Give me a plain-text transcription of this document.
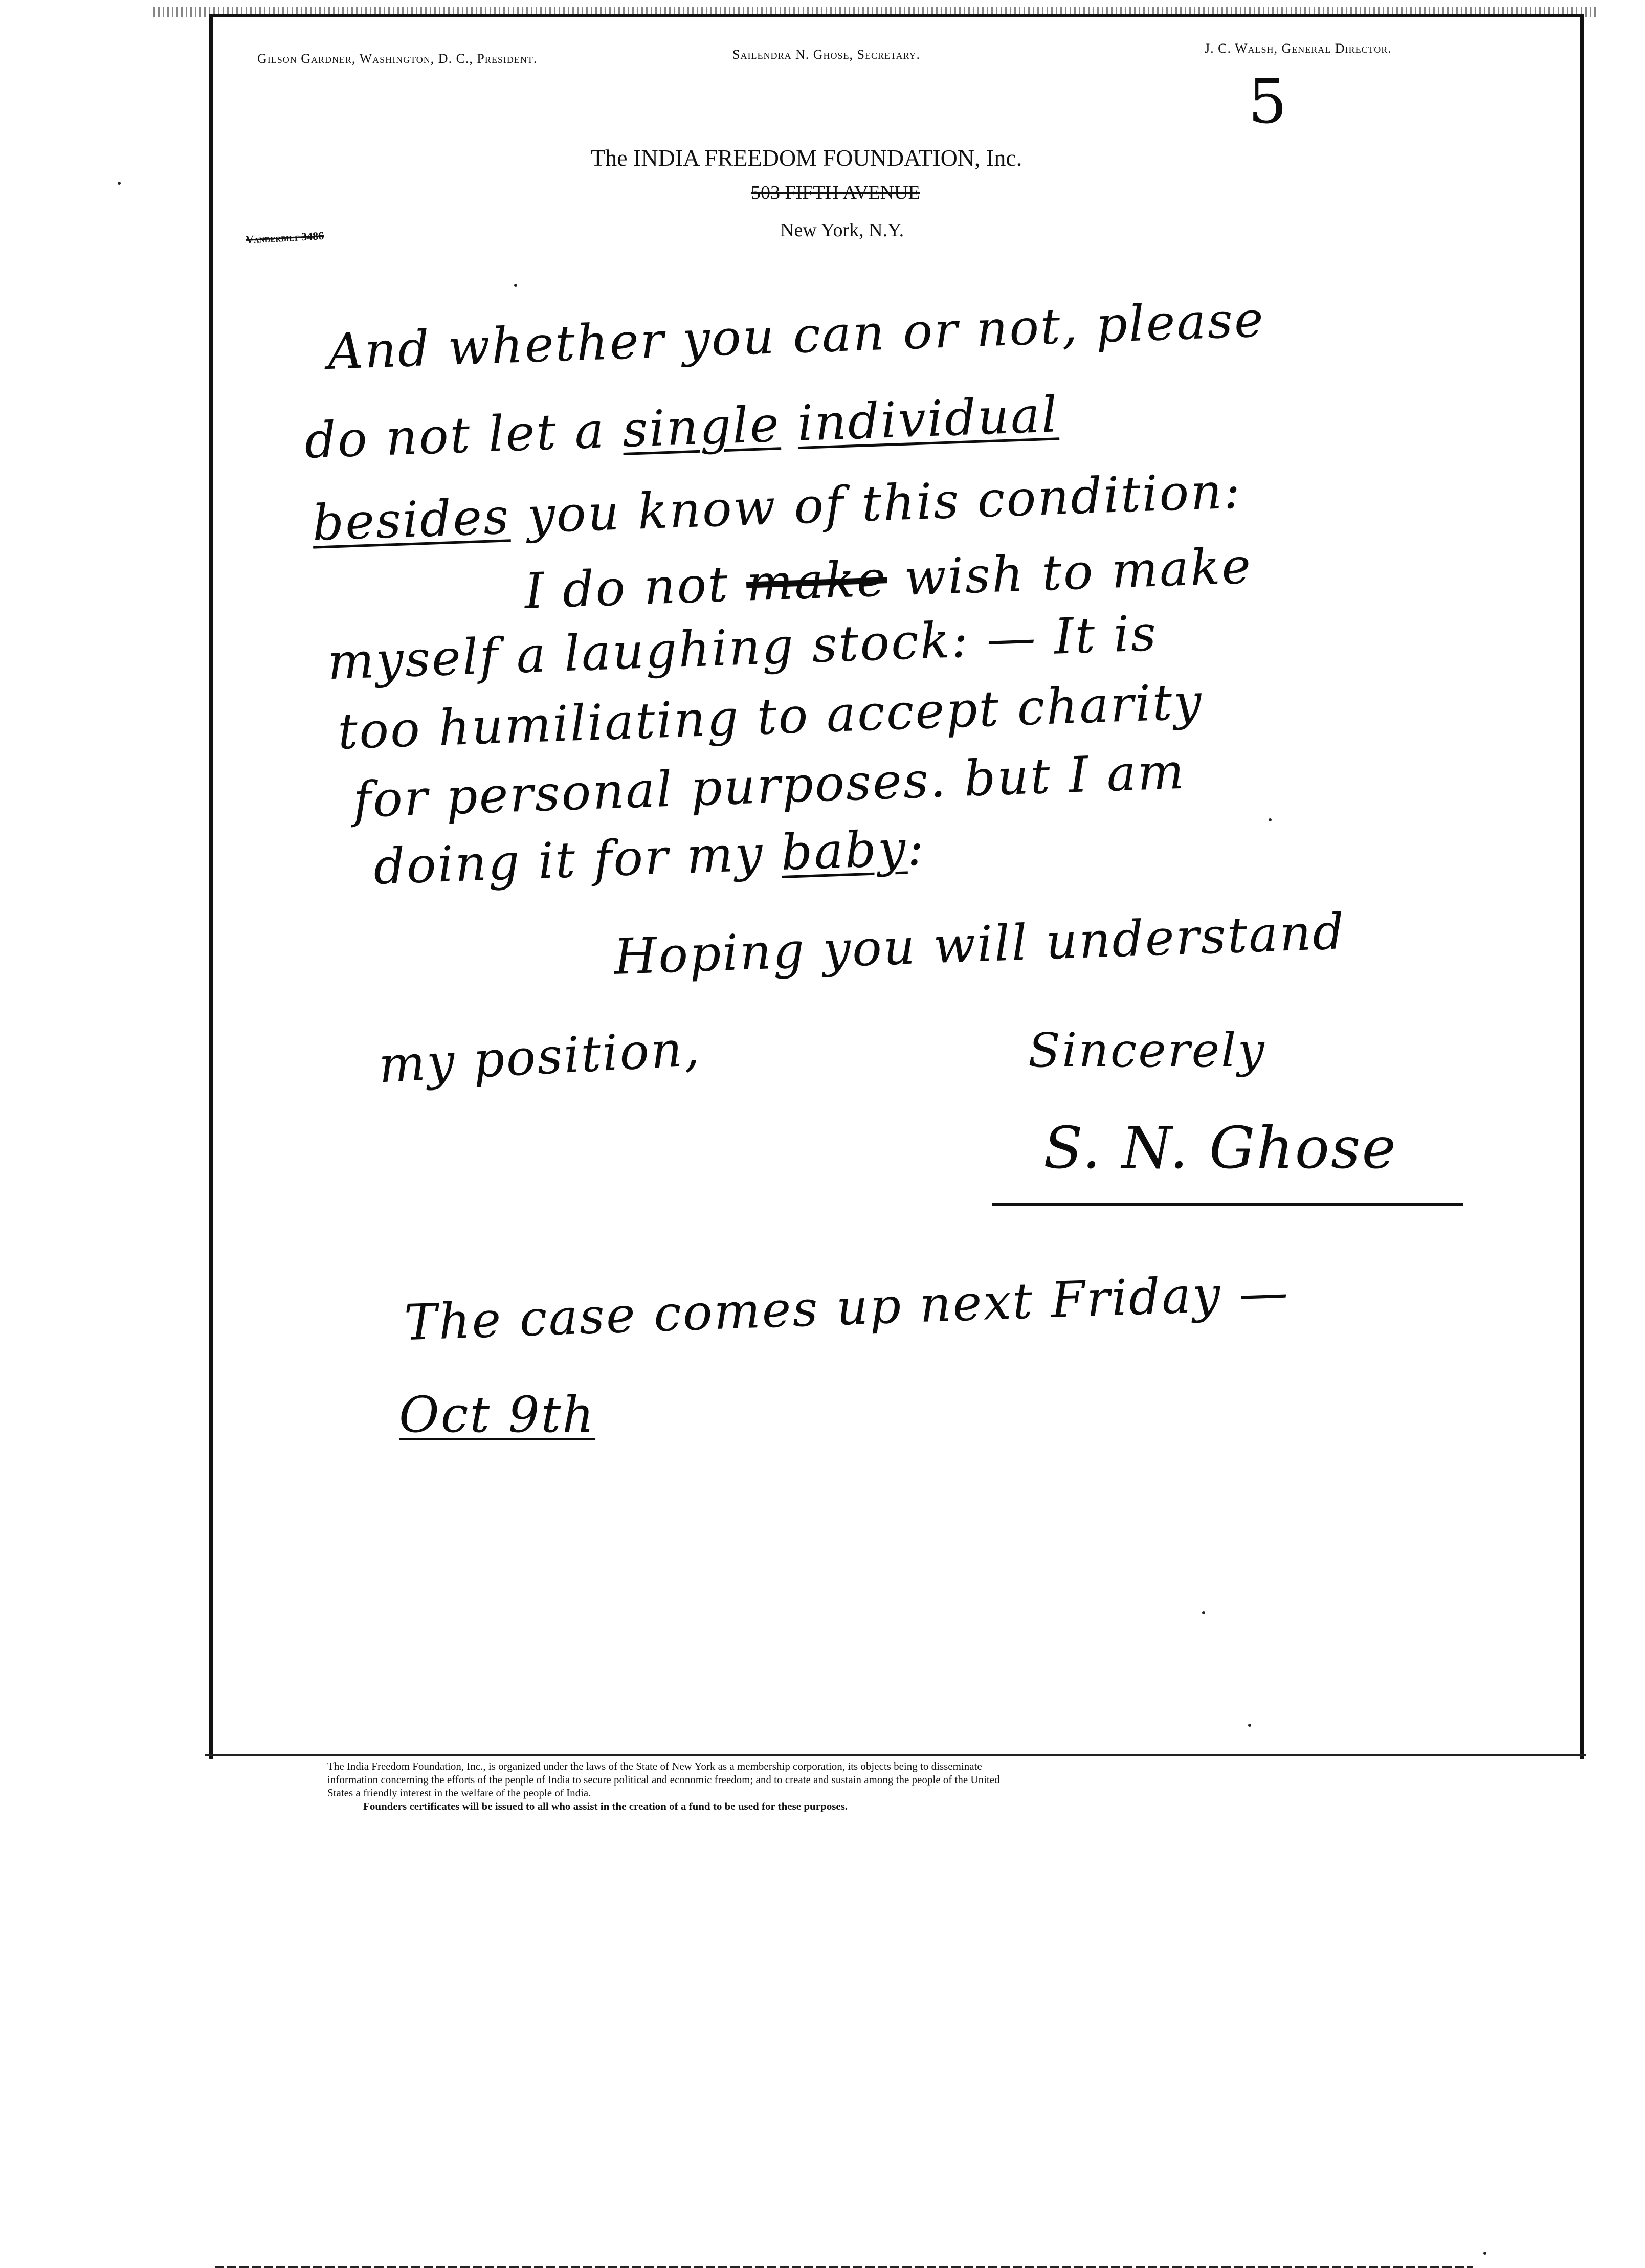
Gilson Gardner, Washington, D. C., President.	Sailendra N. Ghose, Secretary.	J. C. Walsh, General Director.
5
The INDIA FREEDOM FOUNDATION, Inc.
503 FIFTH AVENUE
New York, N.Y.
Vanderbilt 3486
And whether you can or not, please
do not let a single individual
besides you know of this condition:
I do not make wish to make
myself a laughing stock: — It is
too humiliating to accept charity
for personal purposes. but I am
doing it for my baby:
Hoping you will understand
my position,	Sincerely
S. N. Ghose
The case comes up next Friday —
Oct 9th
The India Freedom Foundation, Inc., is organized under the laws of the State of New York as a membership corporation, its objects being to disseminate
information concerning the efforts of the people of India to secure political and economic freedom; and to create and sustain among the people of the United
States a friendly interest in the welfare of the people of India.
Founders certificates will be issued to all who assist in the creation of a fund to be used for these purposes.
